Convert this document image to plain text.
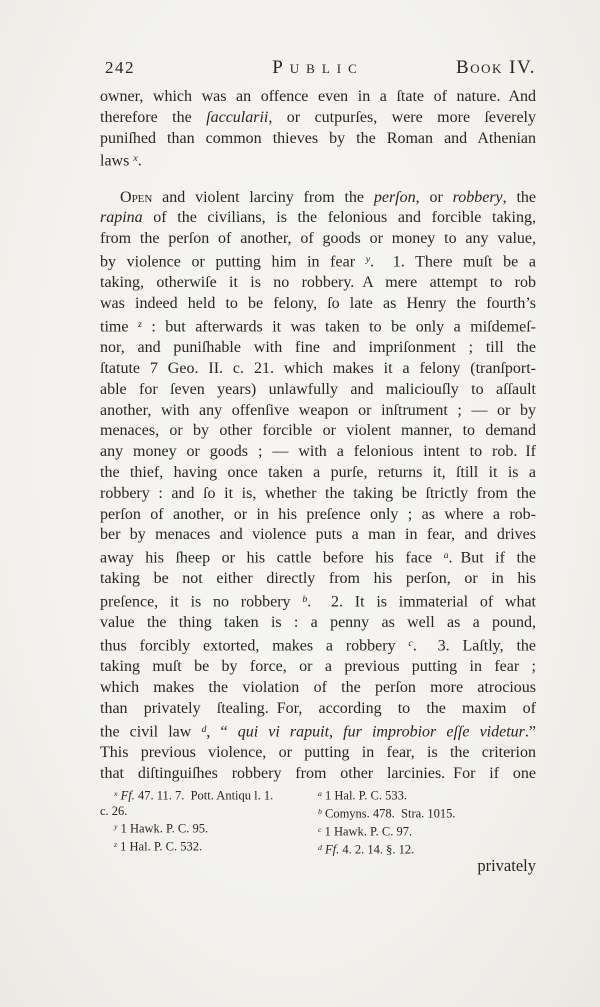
242	Public	Book IV.
owner, which was an offence even in a ſtate of nature. And
therefore the ſaccularii, or cutpurſes, were more ſeverely
puniſhed than common thieves by the Roman and Athenian
laws $^x$.
Open and violent larciny from the perſon, or robbery, the
rapina of the civilians, is the felonious and forcible taking,
from the perſon of another, of goods or money to any value,
by violence or putting him in fear $^y$.  1. There muſt be a
taking, otherwiſe it is no robbery. A mere attempt to rob
was indeed held to be felony, ſo late as Henry the fourth’s
time $^z$ : but afterwards it was taken to be only a miſdemeſ-
nor, and puniſhable with fine and impriſonment ; till the
ſtatute 7 Geo. II. c. 21. which makes it a felony (tranſport-
able for ſeven years) unlawfully and maliciouſly to aſſault
another, with any offenſive weapon or inſtrument ; — or by
menaces, or by other forcible or violent manner, to demand
any money or goods ; — with a felonious intent to rob. If
the thief, having once taken a purſe, returns it, ſtill it is a
robbery : and ſo it is, whether the taking be ſtrictly from the
perſon of another, or in his preſence only ; as where a rob-
ber by menaces and violence puts a man in fear, and drives
away his ſheep or his cattle before his face $^a$. But if the
taking be not either directly from his perſon, or in his
preſence, it is no robbery $^b$.  2. It is immaterial of what
value the thing taken is : a penny as well as a pound,
thus forcibly extorted, makes a robbery $^c$.  3. Laſtly, the
taking muſt be by force, or a previous putting in fear ;
which makes the violation of the perſon more atrocious
than privately ſtealing. For, according to the maxim of
the civil law $^d$, “ qui vi rapuit, fur improbior eſſe videtur.”
This previous violence, or putting in fear, is the criterion
that diſtinguiſhes robbery from other larcinies. For if one
$^x$ Ff. 47. 11. 7. Pott. Antiqu l. 1.
c. 26.
$^y$ 1 Hawk. P. C. 95.
$^z$ 1 Hal. P. C. 532.
$^a$ 1 Hal. P. C. 533.
$^b$ Comyns. 478. Stra. 1015.
$^c$ 1 Hawk. P. C. 97.
$^d$ Ff. 4. 2. 14. §. 12.
privately
